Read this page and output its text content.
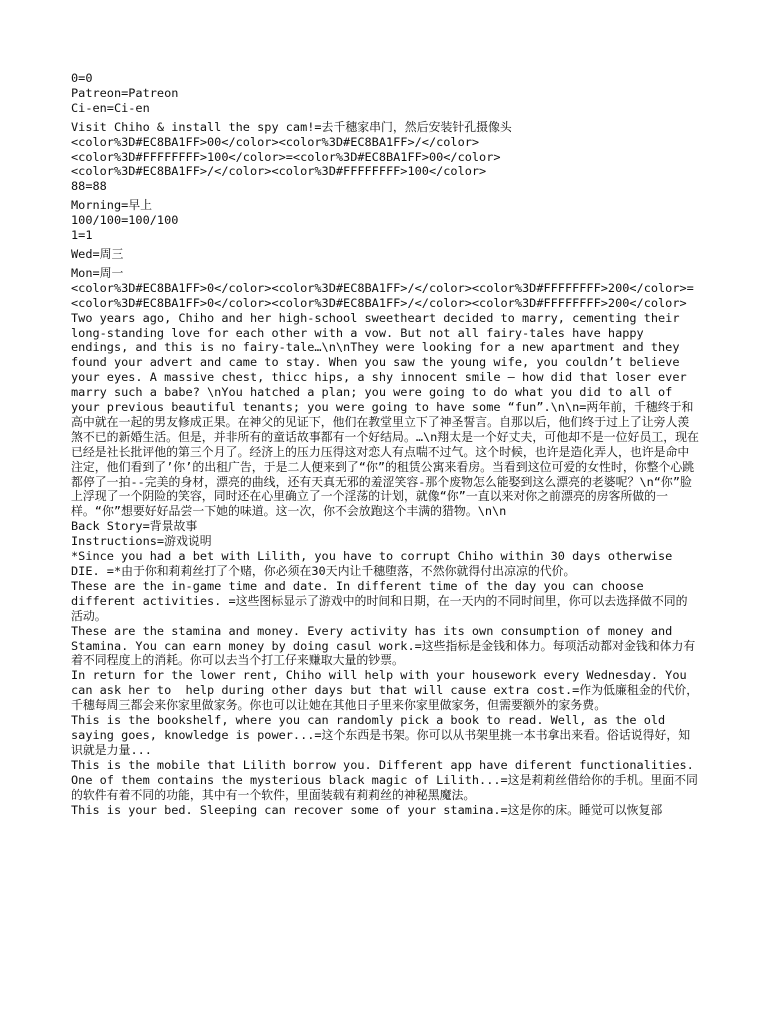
0=0

Patreon=Patreon

Ci-en=Ci-en

Visit Chiho & install the spy cam!=去千穗家串门，然后安装针孔摄像头

<color%3D#EC8BA1FF>00</color><color%3D#EC8BA1FF>/</color><color%3D#FFFFFFFF>100</color>=<color%3D#EC8BA1FF>00</color><color%3D#EC8BA1FF>/</color><color%3D#FFFFFFFF>100</color>

88=88

Morning=早上

100/100=100/100

1=1

Wed=周三

Mon=周一

<color%3D#EC8BA1FF>0</color><color%3D#EC8BA1FF>/</color><color%3D#FFFFFFFF>200</color>=<color%3D#EC8BA1FF>0</color><color%3D#EC8BA1FF>/</color><color%3D#FFFFFFFF>200</color>

Two years ago, Chiho and her high-school sweetheart decided to marry, cementing their long-standing love for each other with a vow. But not all fairy-tales have happy endings, and this is no fairy-tale…\n\nThey were looking for a new apartment and they found your advert and came to stay. When you saw the young wife, you couldn’t believe your eyes. A massive chest, thicc hips, a shy innocent smile – how did that loser ever marry such a babe? \nYou hatched a plan; you were going to do what you did to all of your previous beautiful tenants; you were going to have some “fun”.\n\n=两年前，千穗终于和高中就在一起的男友修成正果。在神父的见证下，他们在教堂里立下了神圣誓言。自那以后，他们终于过上了让旁人羡煞不已的新婚生活。但是，并非所有的童话故事都有一个好结局。…\n翔太是一个好丈夫，可他却不是一位好员工，现在已经是社长批评他的第三个月了。经济上的压力压得这对恋人有点喘不过气。这个时候，也许是造化弄人，也许是命中注定，他们看到了’你’的出租广告，于是二人便来到了“你”的租赁公寓来看房。当看到这位可爱的女性时，你整个心跳都停了一拍--完美的身材，漂亮的曲线，还有天真无邪的羞涩笑容-那个废物怎么能娶到这么漂亮的老婆呢？\n“你”脸上浮现了一个阴险的笑容，同时还在心里确立了一个淫荡的计划，就像“你”一直以来对你之前漂亮的房客所做的一样。“你”想要好好品尝一下她的味道。这一次，你不会放跑这个丰满的猎物。\n\n

Back Story=背景故事

Instructions=游戏说明

*Since you had a bet with Lilith, you have to corrupt Chiho within 30 days otherwise DIE. =*由于你和莉莉丝打了个赌，你必须在30天内让千穗堕落，不然你就得付出凉凉的代价。

These are the in-game time and date. In different time of the day you can choose different activities. =这些图标显示了游戏中的时间和日期，在一天内的不同时间里，你可以去选择做不同的活动。

These are the stamina and money. Every activity has its own consumption of money and Stamina. You can earn money by doing casul work.=这些指标是金钱和体力。每项活动都对金钱和体力有着不同程度上的消耗。你可以去当个打工仔来赚取大量的钞票。

In return for the lower rent, Chiho will help with your housework every Wednesday. You can ask her to  help during other days but that will cause extra cost.=作为低廉租金的代价，千穗每周三都会来你家里做家务。你也可以让她在其他日子里来你家里做家务，但需要额外的家务费。

This is the bookshelf, where you can randomly pick a book to read. Well, as the old saying goes, knowledge is power...=这个东西是书架。你可以从书架里挑一本书拿出来看。俗话说得好，知识就是力量...

This is the mobile that Lilith borrow you. Different app have diferent functionalities. One of them contains the mysterious black magic of Lilith...=这是莉莉丝借给你的手机。里面不同的软件有着不同的功能，其中有一个软件，里面装载有莉莉丝的神秘黑魔法。

This is your bed. Sleeping can recover some of your stamina.=这是你的床。睡觉可以恢复部
